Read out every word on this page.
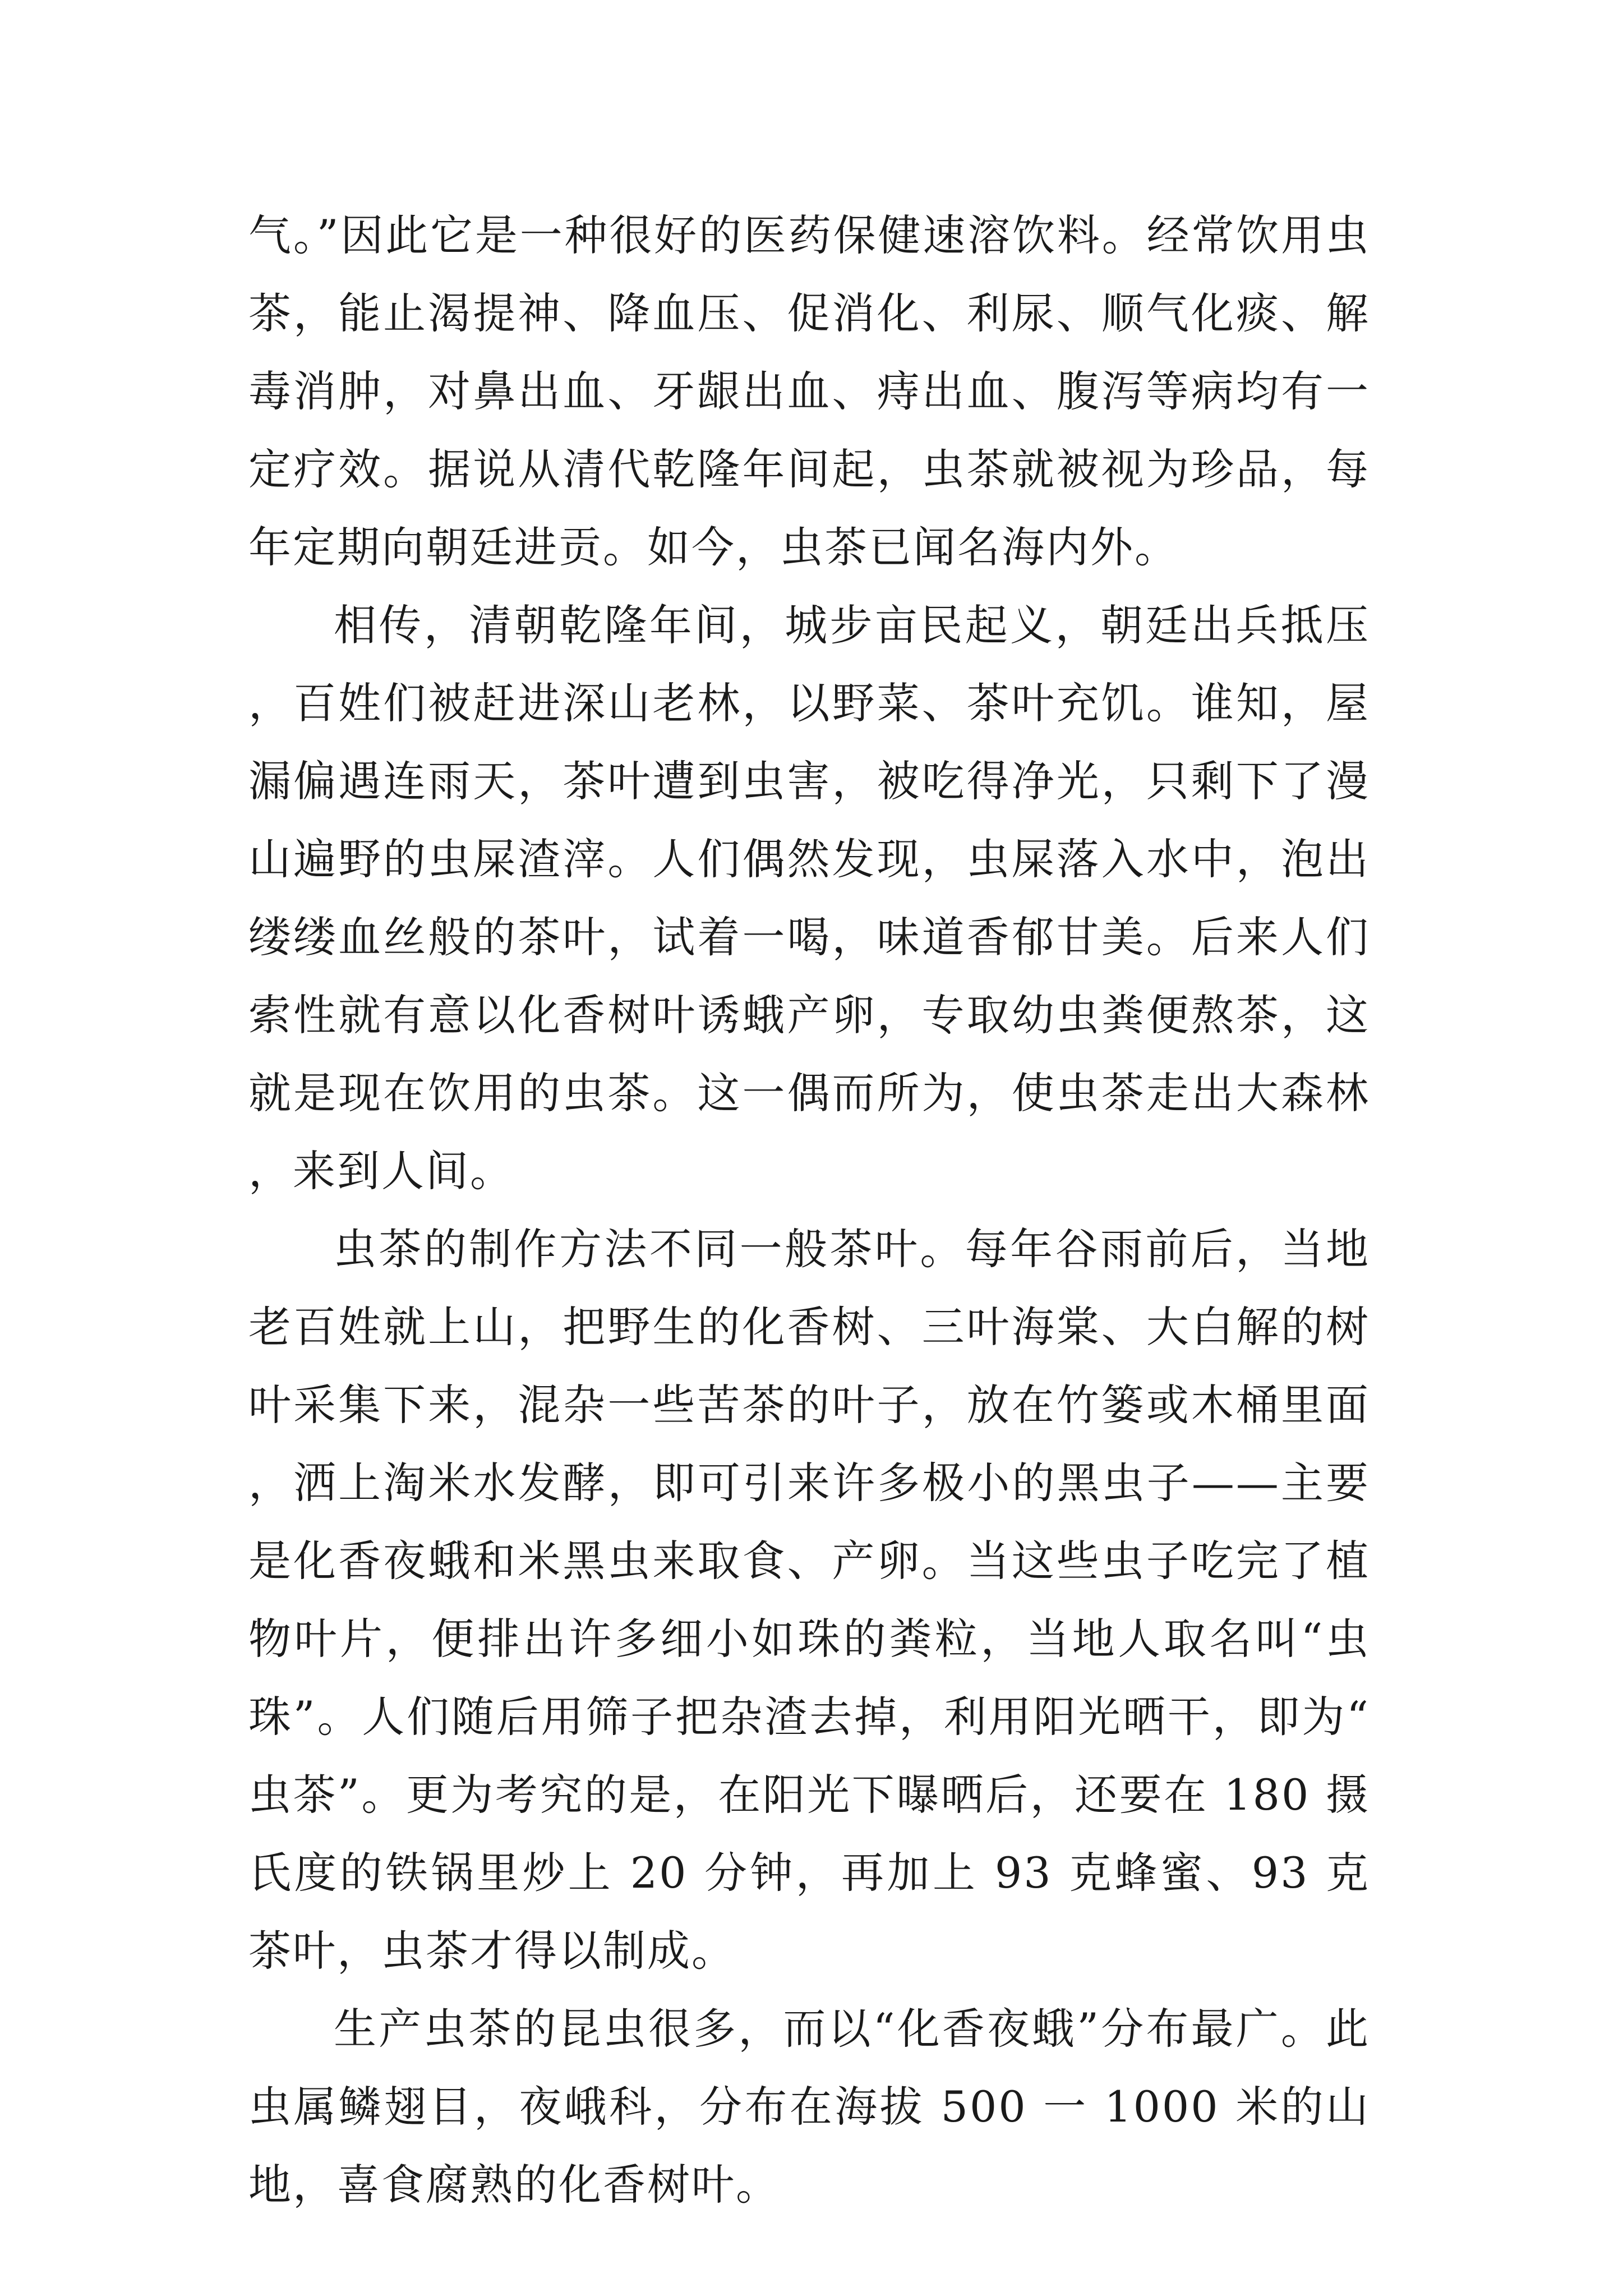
气。”因此它是一种很好的医药保健速溶饮料。经常饮用虫茶，能止渴提神、降血压、促消化、利尿、顺气化痰、解毒消肿，对鼻出血、牙龈出血、痔出血、腹泻等病均有一定疗效。据说从清代乾隆年间起，虫茶就被视为珍品，每年定期向朝廷进贡。如今，虫茶已闻名海内外。

相传，清朝乾隆年间，城步亩民起义，朝廷出兵抵压，百姓们被赶进深山老林，以野菜、茶叶充饥。谁知，屋漏偏遇连雨天，茶叶遭到虫害，被吃得净光，只剩下了漫山遍野的虫屎渣滓。人们偶然发现，虫屎落入水中，泡出缕缕血丝般的茶叶，试着一喝，味道香郁甘美。后来人们索性就有意以化香树叶诱蛾产卵，专取幼虫粪便熬茶，这就是现在饮用的虫茶。这一偶而所为，使虫茶走出大森林，来到人间。

虫茶的制作方法不同一般茶叶。每年谷雨前后，当地老百姓就上山，把野生的化香树、三叶海棠、大白解的树叶采集下来，混杂一些苦茶的叶子，放在竹篓或木桶里面，洒上淘米水发酵，即可引来许多极小的黑虫子——主要是化香夜蛾和米黑虫来取食、产卵。当这些虫子吃完了植物叶片，便排出许多细小如珠的粪粒，当地人取名叫“虫珠”。人们随后用筛子把杂渣去掉，利用阳光晒干，即为“虫茶”。更为考究的是，在阳光下曝晒后，还要在 180 摄氏度的铁锅里炒上 20 分钟，再加上 93 克蜂蜜、93 克茶叶，虫茶才得以制成。

生产虫茶的昆虫很多，而以“化香夜蛾”分布最广。此虫属鳞翅目，夜峨科，分布在海拔 500 一 1000 米的山地，喜食腐熟的化香树叶。
